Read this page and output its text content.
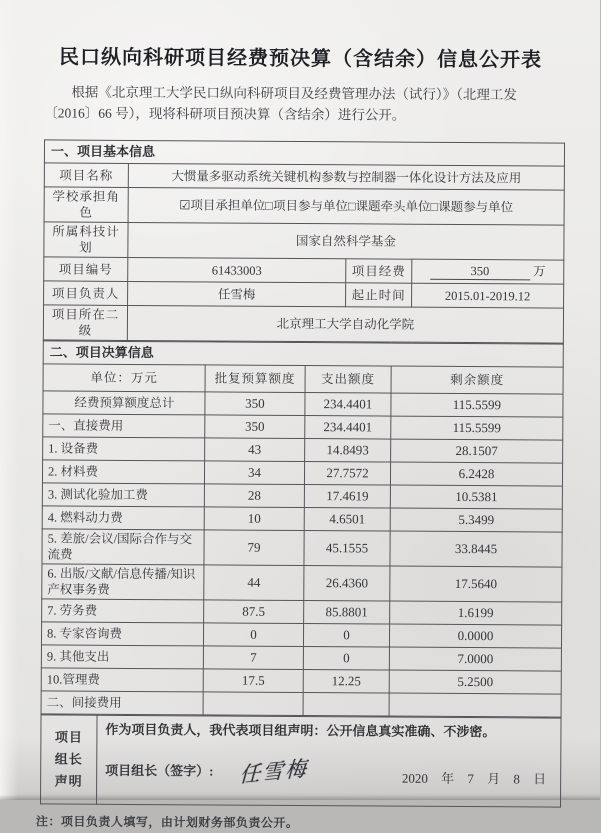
民口纵向科研项目经费预决算（含结余）信息公开表
根据《北京理工大学民口纵向科研项目及经费管理办法（试行）》（北理工发
〔2016〕66 号），现将科研项目预决算（含结余）进行公开。
一、项目基本信息			
项目名称	大惯量多驱动系统关键机构参数与控制器一体化设计方法及应用		
学校承担角色	☑项目承担单位□项目参与单位□课题牵头单位□课题参与单位		
所属科技计划	国家自然科学基金		
项目编号	61433003	项目经费	350 万
项目负责人	任雪梅	起止时间	2015.01-2019.12
项目所在二级	北京理工大学自动化学院		
二、项目决算信息			
单位：万元	批复预算额度	支出额度	剩余额度
经费预算额度总计	350	234.4401	115.5599
一、直接费用	350	234.4401	115.5599
1. 设备费	43	14.8493	28.1507
2. 材料费	34	27.7572	6.2428
3. 测试化验加工费	28	17.4619	10.5381
4. 燃料动力费	10	4.6501	5.3499
5. 差旅/会议/国际合作与交流费	79	45.1555	33.8445
6. 出版/文献/信息传播/知识产权事务费	44	26.4360	17.5640
7. 劳务费	87.5	85.8801	1.6199
8. 专家咨询费	0	0	0.0000
9. 其他支出	7	0	7.0000
10.管理费	17.5	12.25	5.2500
二、间接费用			
项目
组长
声明

作为项目负责人，我代表项目组声明：公开信息真实准确、不涉密。
项目组长（签字）: 任雪梅	2020 年 7 月 8 日

注：项目负责人填写，由计划财务部负责公开。
